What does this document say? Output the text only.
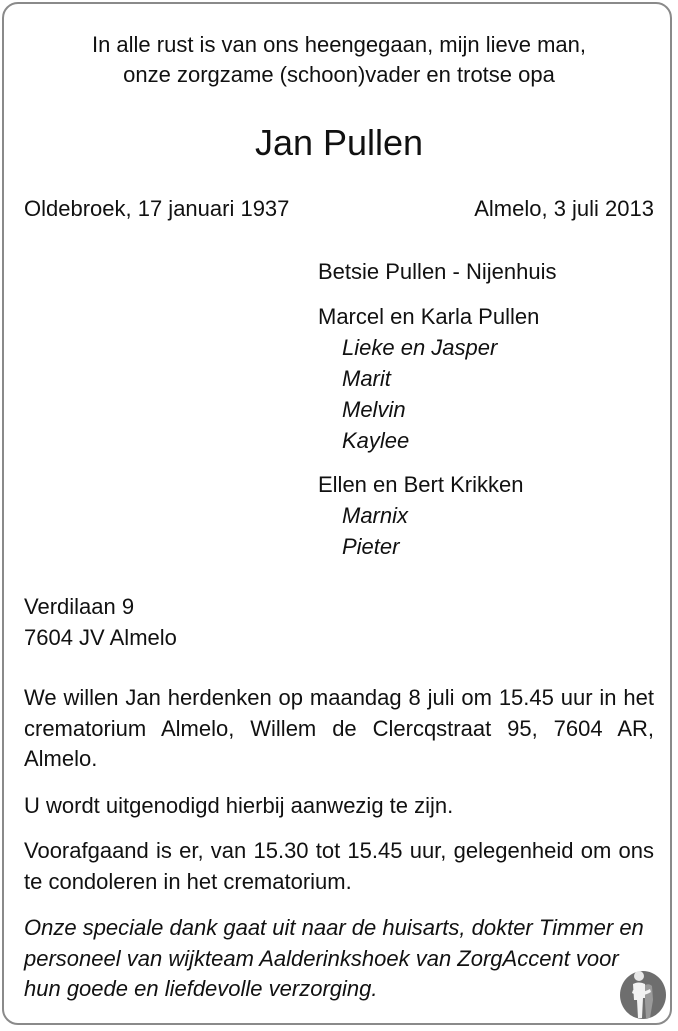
In alle rust is van ons heengegaan, mijn lieve man,
onze zorgzame (schoon)vader en trotse opa
Jan Pullen
Oldebroek, 17 januari 1937	Almelo, 3 juli 2013
Betsie Pullen - Nijenhuis
Marcel en Karla Pullen
Lieke en Jasper
Marit
Melvin
Kaylee
Ellen en Bert Krikken
Marnix
Pieter
Verdilaan 9
7604 JV Almelo
We willen Jan herdenken op maandag 8 juli om 15.45 uur in het crematorium Almelo, Willem de Clercqstraat 95, 7604 AR, Almelo.
U wordt uitgenodigd hierbij aanwezig te zijn.
Voorafgaand is er, van 15.30 tot 15.45 uur, gelegenheid om ons te condoleren in het crematorium.
Onze speciale dank gaat uit naar de huisarts, dokter Timmer en personeel van wijkteam Aalderinkshoek van ZorgAccent voor hun goede en liefdevolle verzorging.
